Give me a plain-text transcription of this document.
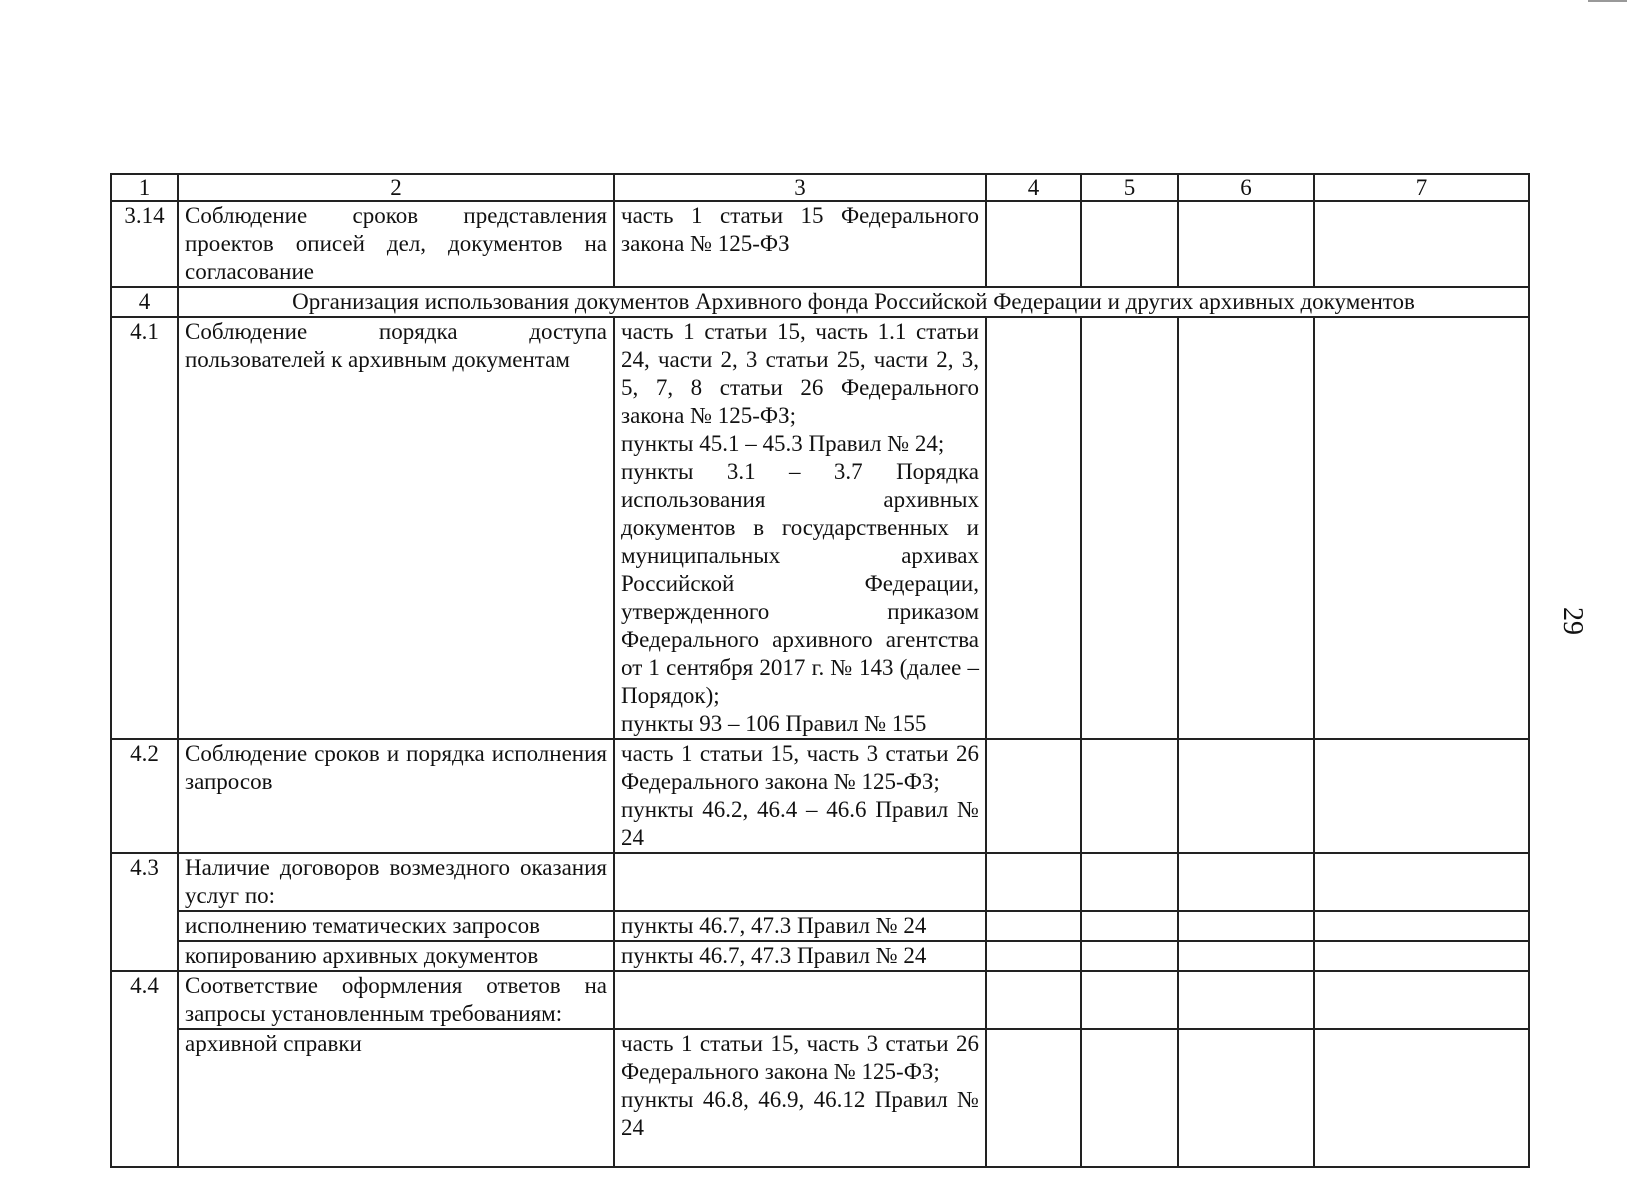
1	2	3	4	5	6	7
3.14	Соблюдение сроков представления проектов описей дел, документов на согласование	часть 1 статьи 15 Федерального закона № 125-ФЗ				
4	Организация использования документов Архивного фонда Российской Федерации и других архивных документов					
4.1	Соблюдение порядка доступа пользователей к архивным документам	часть 1 статьи 15, часть 1.1 статьи 24, части 2, 3 статьи 25, части 2, 3, 5, 7, 8 статьи 26 Федерального закона № 125-ФЗ;
пункты 45.1 – 45.3 Правил № 24;
пункты 3.1 – 3.7 Порядка использования архивных документов в государственных и муниципальных архивах Российской Федерации, утвержденного приказом Федерального архивного агентства от 1 сентября 2017 г. № 143 (далее – Порядок);
пункты 93 – 106 Правил № 155				

4.2	Соблюдение сроков и порядка исполнения запросов	часть 1 статьи 15, часть 3 статьи 26 Федерального закона № 125-ФЗ;
пункты 46.2, 46.4 – 46.6 Правил № 24				

4.3	Наличие договоров возмездного оказания услуг по:					
	исполнению тематических запросов	пункты 46.7, 47.3 Правил № 24				
	копированию архивных документов	пункты 46.7, 47.3 Правил № 24				
4.4	Соответствие оформления ответов на запросы установленным требованиям:					
	архивной справки	часть 1 статьи 15, часть 3 статьи 26 Федерального закона № 125-ФЗ;
пункты 46.8, 46.9, 46.12 Правил № 24				

29
